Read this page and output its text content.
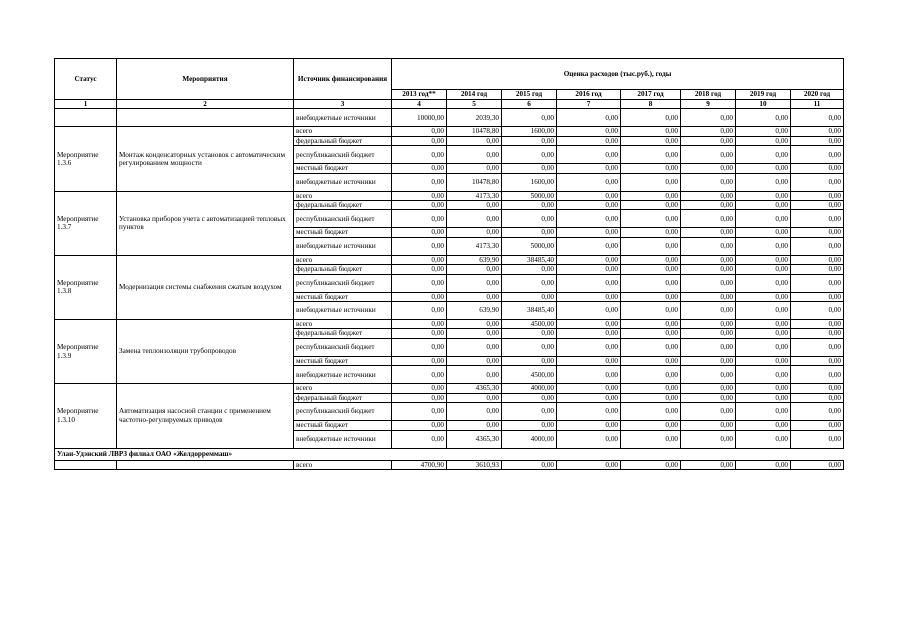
Статус	Мероприятия	Источник финансирования	Оценка расходов (тыс.руб.), годы							
			2013 год**	2014 год	2015 год	2016 год	2017 год	2018 год	2019 год	2020 год
1	2	3	4	5	6	7	8	9	10	11
		внебюджетные источники	10000,00	2039,30	0,00	0,00	0,00	0,00	0,00	0,00
Мероприятие 1.3.6	Монтаж конденсаторных установок с автоматическим регулированием мощности	всего	0,00	10478,80	1600,00	0,00	0,00	0,00	0,00	0,00
		федеральный бюджет	0,00	0,00	0,00	0,00	0,00	0,00	0,00	0,00
		республиканский бюджет	0,00	0,00	0,00	0,00	0,00	0,00	0,00	0,00
		местный бюджет	0,00	0,00	0,00	0,00	0,00	0,00	0,00	0,00
		внебюджетные источники	0,00	10478,80	1600,00	0,00	0,00	0,00	0,00	0,00
Мероприятие 1.3.7	Установка приборов учета с автоматизацией тепловых пунктов	всего	0,00	4173,30	5000,00	0,00	0,00	0,00	0,00	0,00
		федеральный бюджет	0,00	0,00	0,00	0,00	0,00	0,00	0,00	0,00
		республиканский бюджет	0,00	0,00	0,00	0,00	0,00	0,00	0,00	0,00
		местный бюджет	0,00	0,00	0,00	0,00	0,00	0,00	0,00	0,00
		внебюджетные источники	0,00	4173,30	5000,00	0,00	0,00	0,00	0,00	0,00
Мероприятие 1.3.8	Модернизация системы снабжения сжатым воздухом	всего	0,00	639,90	38485,40	0,00	0,00	0,00	0,00	0,00
		федеральный бюджет	0,00	0,00	0,00	0,00	0,00	0,00	0,00	0,00
		республиканский бюджет	0,00	0,00	0,00	0,00	0,00	0,00	0,00	0,00
		местный бюджет	0,00	0,00	0,00	0,00	0,00	0,00	0,00	0,00
		внебюджетные источники	0,00	639,90	38485,40	0,00	0,00	0,00	0,00	0,00
Мероприятие 1.3.9	Замена теплоизоляции трубопроводов	всего	0,00	0,00	4500,00	0,00	0,00	0,00	0,00	0,00
		федеральный бюджет	0,00	0,00	0,00	0,00	0,00	0,00	0,00	0,00
		республиканский бюджет	0,00	0,00	0,00	0,00	0,00	0,00	0,00	0,00
		местный бюджет	0,00	0,00	0,00	0,00	0,00	0,00	0,00	0,00
		внебюджетные источники	0,00	0,00	4500,00	0,00	0,00	0,00	0,00	0,00
Мероприятие 1.3.10	Автоматизация насосной станции с применением частотно-регулируемых приводов	всего	0,00	4365,30	4000,00	0,00	0,00	0,00	0,00	0,00
		федеральный бюджет	0,00	0,00	0,00	0,00	0,00	0,00	0,00	0,00
		республиканский бюджет	0,00	0,00	0,00	0,00	0,00	0,00	0,00	0,00
		местный бюджет	0,00	0,00	0,00	0,00	0,00	0,00	0,00	0,00
		внебюджетные источники	0,00	4365,30	4000,00	0,00	0,00	0,00	0,00	0,00
Улан-Удэнский ЛВРЗ филиал ОАО «Желдорреммаш»										
		всего	4700,90	3610,93	0,00	0,00	0,00	0,00	0,00	0,00
